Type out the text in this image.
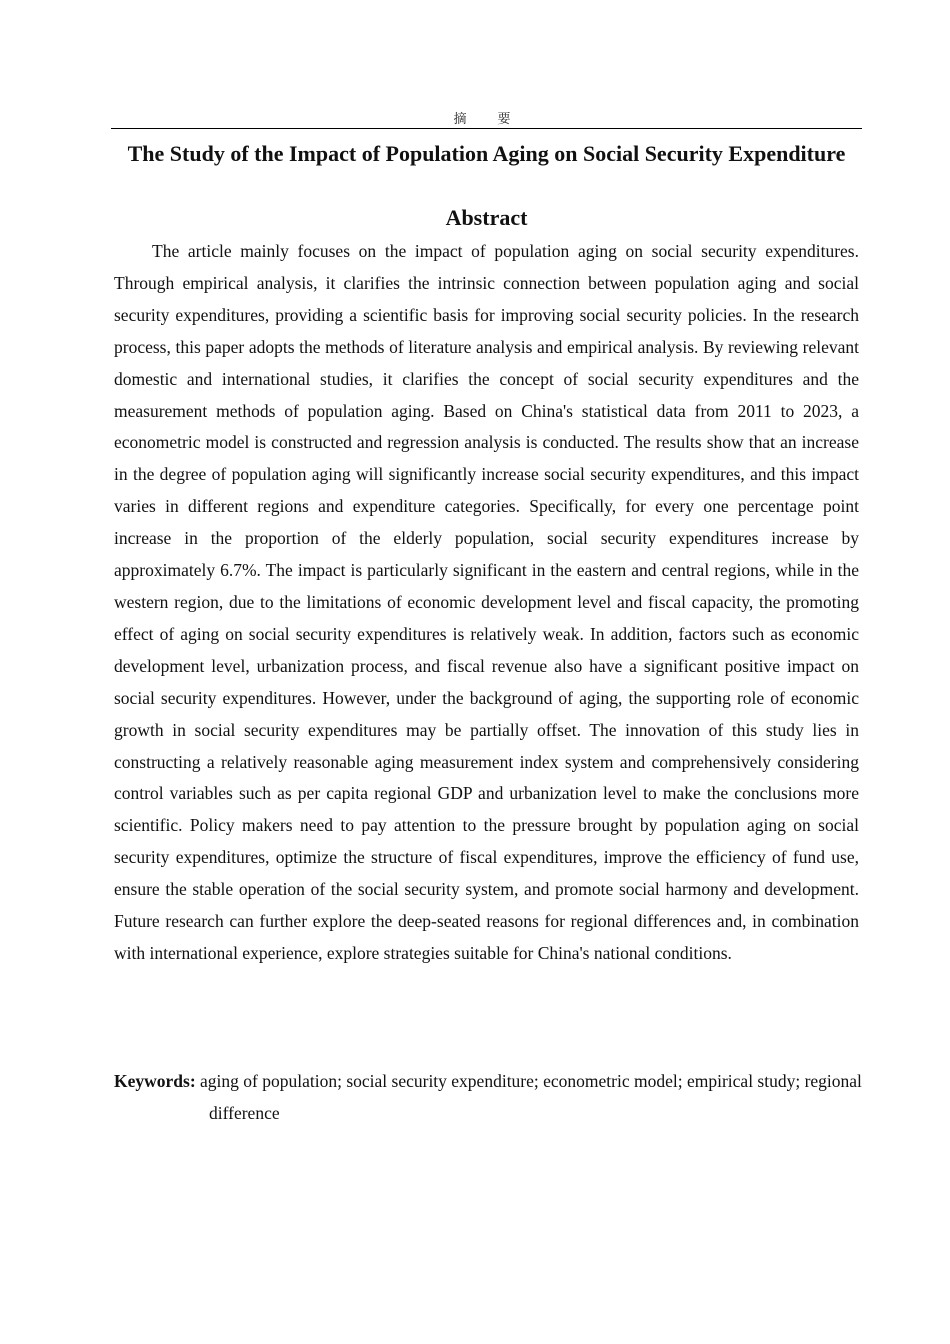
摘　要
The Study of the Impact of Population Aging on Social Security Expenditure
Abstract

The article mainly focuses on the impact of population aging on social security expenditures. Through empirical analysis, it clarifies the intrinsic connection between population aging and social security expenditures, providing a scientific basis for improving social security policies. In the research process, this paper adopts the methods of literature analysis and empirical analysis. By reviewing relevant domestic and international studies, it clarifies the concept of social security expenditures and the measurement methods of population aging. Based on China's statistical data from 2011 to 2023, a econometric model is constructed and regression analysis is conducted. The results show that an increase in the degree of population aging will significantly increase social security expenditures, and this impact varies in different regions and expenditure categories. Specifically, for every one percentage point increase in the proportion of the elderly population, social security expenditures increase by approximately 6.7%. The impact is particularly significant in the eastern and central regions, while in the western region, due to the limitations of economic development level and fiscal capacity, the promoting effect of aging on social security expenditures is relatively weak. In addition, factors such as economic development level, urbanization process, and fiscal revenue also have a significant positive impact on social security expenditures. However, under the background of aging, the supporting role of economic growth in social security expenditures may be partially offset. The innovation of this study lies in constructing a relatively reasonable aging measurement index system and comprehensively considering control variables such as per capita regional GDP and urbanization level to make the conclusions more scientific. Policy makers need to pay attention to the pressure brought by population aging on social security expenditures, optimize the structure of fiscal expenditures, improve the efficiency of fund use, ensure the stable operation of the social security system, and promote social harmony and development. Future research can further explore the deep-seated reasons for regional differences and, in combination with international experience, explore strategies suitable for China's national conditions.

Keywords: aging of population; social security expenditure; econometric model; empirical study; regional difference
